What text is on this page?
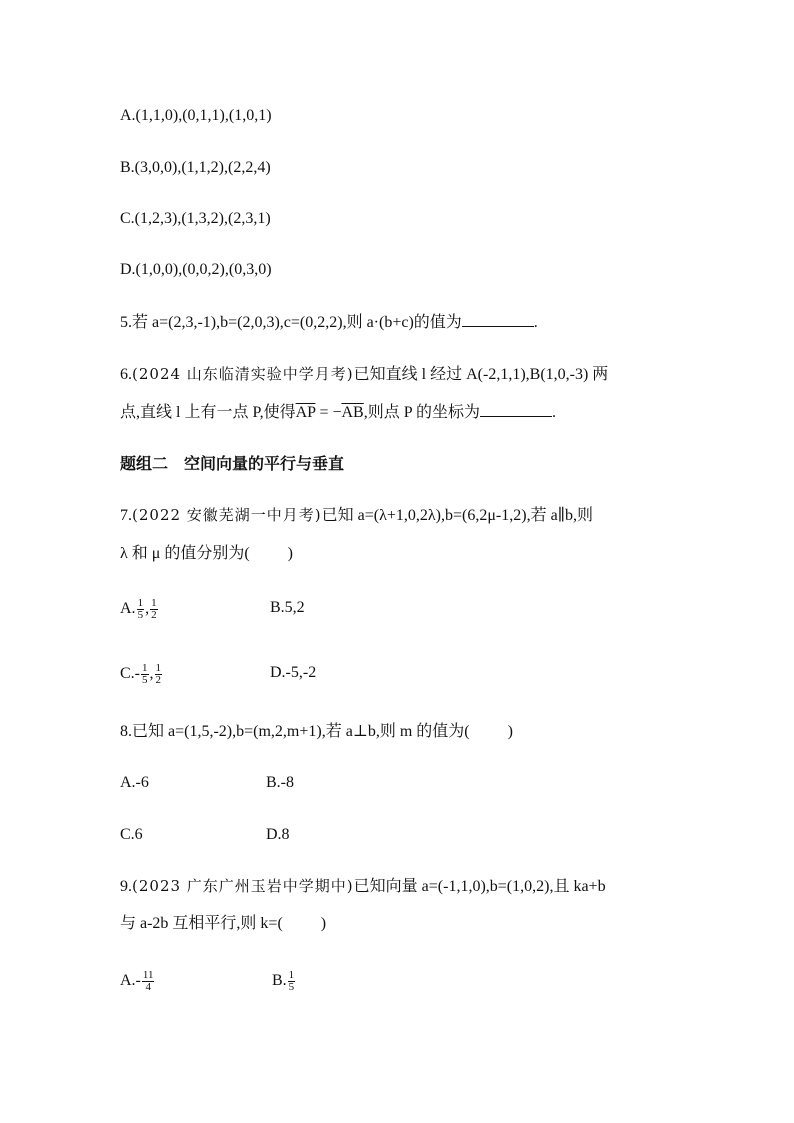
A.(1,1,0),(0,1,1),(1,0,1)
B.(3,0,0),(1,1,2),(2,2,4)
C.(1,2,3),(1,3,2),(2,3,1)
D.(1,0,0),(0,0,2),(0,3,0)
5.若 a=(2,3,-1),b=(2,0,3),c=(0,2,2),则 a·(b+c)的值为	.
6.(2024 山东临清实验中学月考)已知直线 l 经过 A(-2,1,1),B(1,0,-3) 两
点,直线 l 上有一点 P,使得$\overline{AP} = -\overline{AB}$,则点 P 的坐标为	.
题组二　空间向量的平行与垂直
7.(2022 安徽芜湖一中月考)已知 a=(λ+1,0,2λ),b=(6,2μ-1,2),若 a∥b,则
λ 和 μ 的值分别为( )
A. $\frac{1}{5}$ , $\frac{1}{2}$	B.5,2
$C.- \frac{1}{5}$ , $\frac{1}{2}$	D.-5,-2
8.已知 a=(1,5,-2),b=(m,2,m+1),若 a⊥b,则 m 的值为( )
A.-6	B.-8
C.6	D.8
9.(2023 广东广州玉岩中学期中)已知向量 a=(-1,1,0),b=(1,0,2),且 ka+b
与 a-2b 互相平行,则 k=( )
$A.- \frac{11}{4}$	B. $\frac{1}{5}$
